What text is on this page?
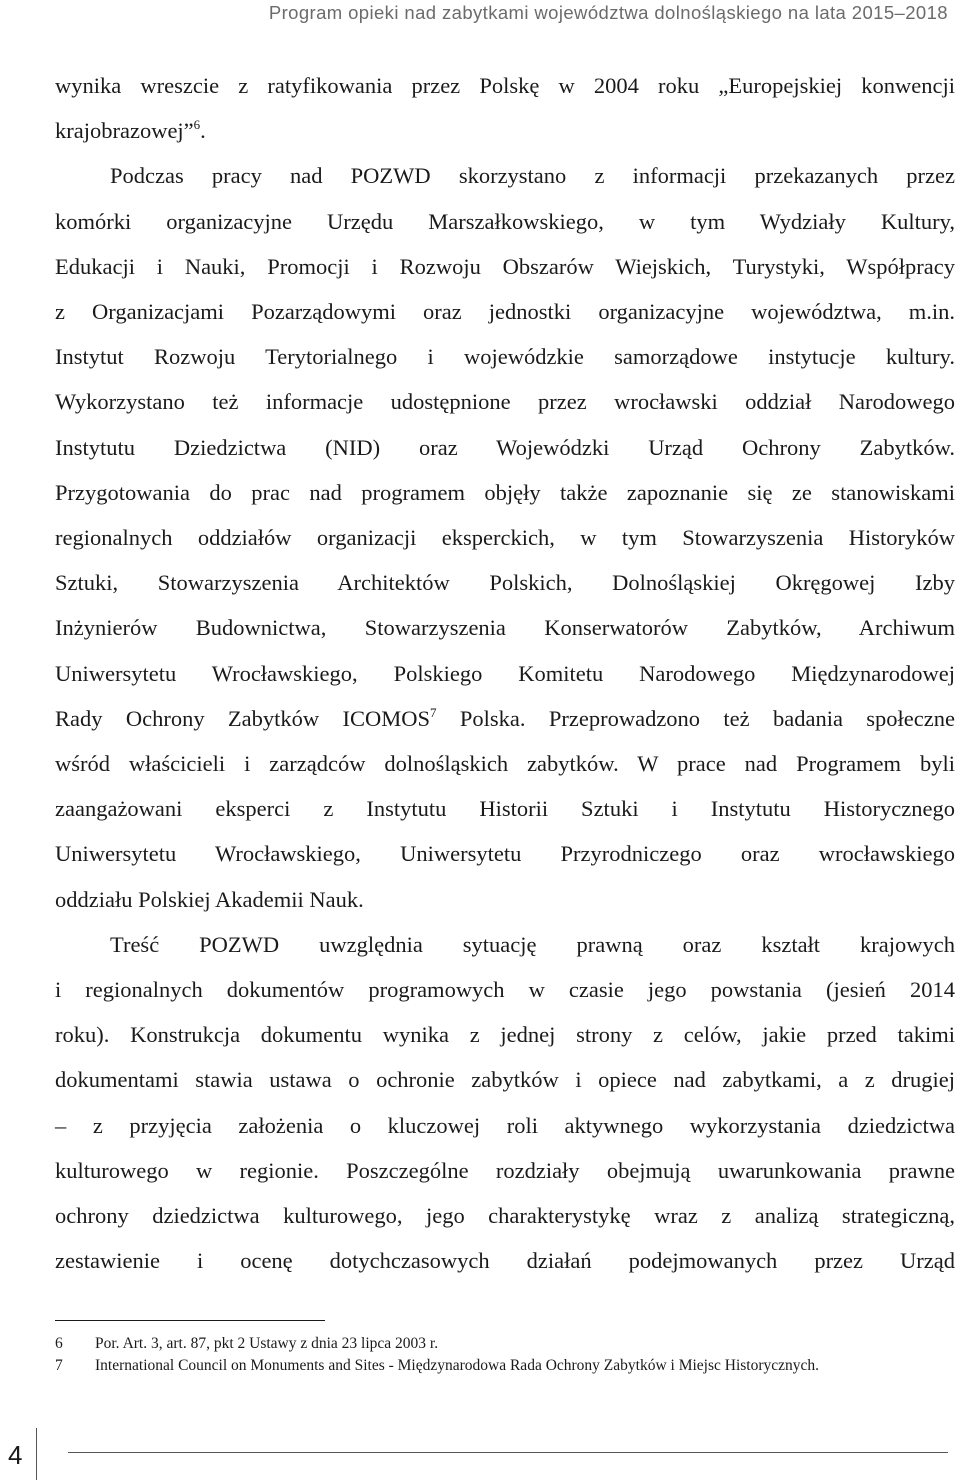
Program opieki nad zabytkami województwa dolnośląskiego na lata 2015–2018

wynika wreszcie z ratyfikowania przez Polskę w 2004 roku „Europejskiej konwencji
krajobrazowej”$^6$.

Podczas pracy nad POZWD skorzystano z informacji przekazanych przez
komórki organizacyjne Urzędu Marszałkowskiego, w tym Wydziały Kultury,
Edukacji i Nauki, Promocji i Rozwoju Obszarów Wiejskich, Turystyki, Współpracy
z Organizacjami Pozarządowymi oraz jednostki organizacyjne województwa, m.in.
Instytut Rozwoju Terytorialnego i wojewódzkie samorządowe instytucje kultury.
Wykorzystano też informacje udostępnione przez wrocławski oddział Narodowego
Instytutu Dziedzictwa (NID) oraz Wojewódzki Urząd Ochrony Zabytków.
Przygotowania do prac nad programem objęły także zapoznanie się ze stanowiskami
regionalnych oddziałów organizacji eksperckich, w tym Stowarzyszenia Historyków
Sztuki, Stowarzyszenia Architektów Polskich, Dolnośląskiej Okręgowej Izby
Inżynierów Budownictwa, Stowarzyszenia Konserwatorów Zabytków, Archiwum
Uniwersytetu Wrocławskiego, Polskiego Komitetu Narodowego Międzynarodowej
Rady Ochrony Zabytków ICOMOS$^7$ Polska. Przeprowadzono też badania społeczne
wśród właścicieli i zarządców dolnośląskich zabytków. W prace nad Programem byli
zaangażowani eksperci z Instytutu Historii Sztuki i Instytutu Historycznego
Uniwersytetu Wrocławskiego, Uniwersytetu Przyrodniczego oraz wrocławskiego
oddziału Polskiej Akademii Nauk.

Treść POZWD uwzględnia sytuację prawną oraz kształt krajowych
i regionalnych dokumentów programowych w czasie jego powstania (jesień 2014
roku). Konstrukcja dokumentu wynika z jednej strony z celów, jakie przed takimi
dokumentami stawia ustawa o ochronie zabytków i opiece nad zabytkami, a z drugiej
– z przyjęcia założenia o kluczowej roli aktywnego wykorzystania dziedzictwa
kulturowego w regionie. Poszczególne rozdziały obejmują uwarunkowania prawne
ochrony dziedzictwa kulturowego, jego charakterystykę wraz z analizą strategiczną,
zestawienie i ocenę dotychczasowych działań podejmowanych przez Urząd

6	Por. Art. 3, art. 87, pkt 2 Ustawy z dnia 23 lipca 2003 r.
7	International Council on Monuments and Sites - Międzynarodowa Rada Ochrony Zabytków i Miejsc Historycznych.
4
